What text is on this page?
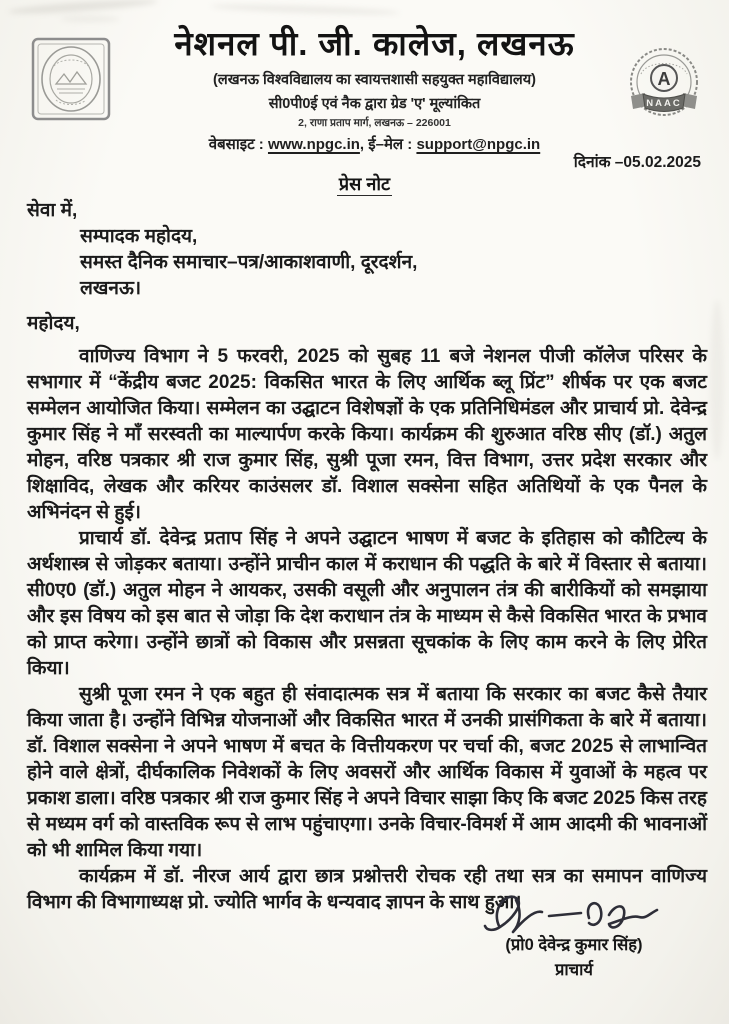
A
NAAC
नेशनल पी. जी. कालेज, लखनऊ
(लखनऊ विश्वविद्यालय का स्वायत्तशासी सहयुक्त महाविद्यालय)
सी0पी0ई एवं नैक द्वारा ग्रेड 'ए' मूल्यांकित
2, राणा प्रताप मार्ग, लखनऊ – 226001
वेबसाइट : www.npgc.in, ई–मेल : support@npgc.in
दिनांक –05.02.2025
प्रेस नोट
सेवा में,
सम्पादक महोदय,
समस्त दैनिक समाचार–पत्र/आकाशवाणी, दूरदर्शन,
लखनऊ।
महोदय,

वाणिज्य विभाग ने 5 फरवरी, 2025 को सुबह 11 बजे नेशनल पीजी कॉलेज परिसर के सभागार में “केंद्रीय बजट 2025: विकसित भारत के लिए आर्थिक ब्लू प्रिंट” शीर्षक पर एक बजट सम्मेलन आयोजित किया। सम्मेलन का उद्घाटन विशेषज्ञों के एक प्रतिनिधिमंडल और प्राचार्य प्रो. देवेन्द्र कुमार सिंह ने माँ सरस्वती का माल्यार्पण करके किया। कार्यक्रम की शुरुआत वरिष्ठ सीए (डॉ.) अतुल मोहन, वरिष्ठ पत्रकार श्री राज कुमार सिंह, सुश्री पूजा रमन, वित्त विभाग, उत्तर प्रदेश सरकार और शिक्षाविद, लेखक और करियर काउंसलर डॉ. विशाल सक्सेना सहित अतिथियों के एक पैनल के अभिनंदन से हुई।

प्राचार्य डॉ. देवेन्द्र प्रताप सिंह ने अपने उद्घाटन भाषण में बजट के इतिहास को कौटिल्य के अर्थशास्त्र से जोड़कर बताया। उन्होंने प्राचीन काल में कराधान की पद्धति के बारे में विस्तार से बताया। सी0ए0 (डॉ.) अतुल मोहन ने आयकर, उसकी वसूली और अनुपालन तंत्र की बारीकियों को समझाया और इस विषय को इस बात से जोड़ा कि देश कराधान तंत्र के माध्यम से कैसे विकसित भारत के प्रभाव को प्राप्त करेगा। उन्होंने छात्रों को विकास और प्रसन्नता सूचकांक के लिए काम करने के लिए प्रेरित किया।

सुश्री पूजा रमन ने एक बहुत ही संवादात्मक सत्र में बताया कि सरकार का बजट कैसे तैयार किया जाता है। उन्होंने विभिन्न योजनाओं और विकसित भारत में उनकी प्रासंगिकता के बारे में बताया। डॉ. विशाल सक्सेना ने अपने भाषण में बचत के वित्तीयकरण पर चर्चा की, बजट 2025 से लाभान्वित होने वाले क्षेत्रों, दीर्घकालिक निवेशकों के लिए अवसरों और आर्थिक विकास में युवाओं के महत्व पर प्रकाश डाला। वरिष्ठ पत्रकार श्री राज कुमार सिंह ने अपने विचार साझा किए कि बजट 2025 किस तरह से मध्यम वर्ग को वास्तविक रूप से लाभ पहुंचाएगा। उनके विचार-विमर्श में आम आदमी की भावनाओं को भी शामिल किया गया।

कार्यक्रम में डॉ. नीरज आर्य द्वारा छात्र प्रश्नोत्तरी रोचक रही तथा सत्र का समापन वाणिज्य विभाग की विभागाध्यक्ष प्रो. ज्योति भार्गव के धन्यवाद ज्ञापन के साथ हुआ।

(प्रो0 देवेन्द्र कुमार सिंह)
प्राचार्य
